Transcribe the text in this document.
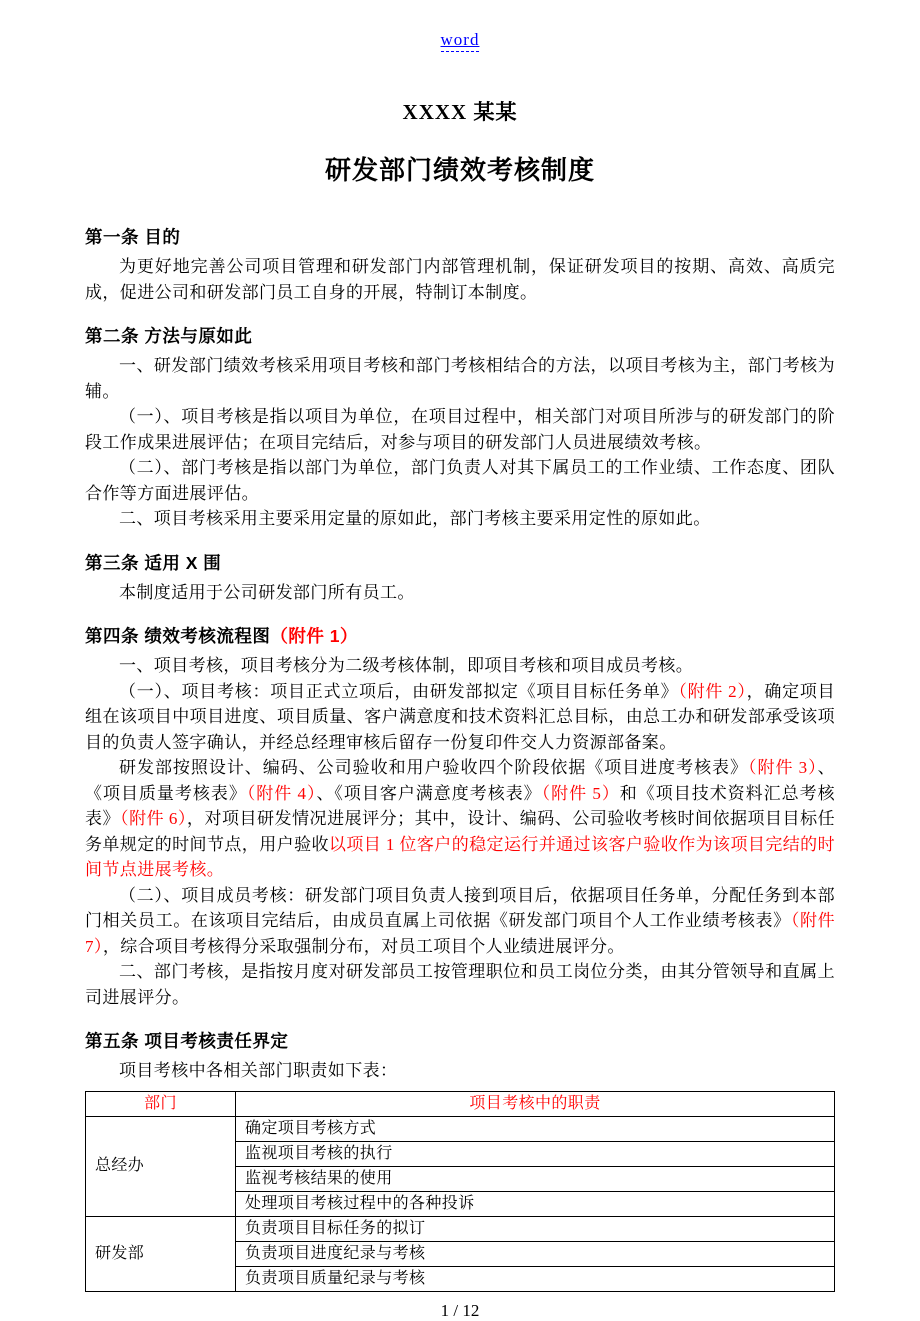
word
XXXX 某某
研发部门绩效考核制度
第一条 目的

为更好地完善公司项目管理和研发部门内部管理机制，保证研发项目的按期、高效、高质完成，促进公司和研发部门员工自身的开展，特制订本制度。

第二条 方法与原如此

一、研发部门绩效考核采用项目考核和部门考核相结合的方法，以项目考核为主，部门考核为辅。

（一）、项目考核是指以项目为单位，在项目过程中，相关部门对项目所涉与的研发部门的阶段工作成果进展评估；在项目完结后，对参与项目的研发部门人员进展绩效考核。

（二）、部门考核是指以部门为单位，部门负责人对其下属员工的工作业绩、工作态度、团队合作等方面进展评估。

二、项目考核采用主要采用定量的原如此，部门考核主要采用定性的原如此。

第三条 适用 X 围

本制度适用于公司研发部门所有员工。

第四条 绩效考核流程图（附件 1）

一、项目考核，项目考核分为二级考核体制，即项目考核和项目成员考核。

（一）、项目考核：项目正式立项后，由研发部拟定《项目目标任务单》（附件 2），确定项目组在该项目中项目进度、项目质量、客户满意度和技术资料汇总目标，由总工办和研发部承受该项目的负责人签字确认，并经总经理审核后留存一份复印件交人力资源部备案。

研发部按照设计、编码、公司验收和用户验收四个阶段依据《项目进度考核表》（附件 3）、《项目质量考核表》（附件 4）、《项目客户满意度考核表》（附件 5）和《项目技术资料汇总考核表》（附件 6），对项目研发情况进展评分；其中，设计、编码、公司验收考核时间依据项目目标任务单规定的时间节点，用户验收以项目 1 位客户的稳定运行并通过该客户验收作为该项目完结的时间节点进展考核。

（二）、项目成员考核：研发部门项目负责人接到项目后，依据项目任务单，分配任务到本部门相关员工。在该项目完结后，由成员直属上司依据《研发部门项目个人工作业绩考核表》（附件 7），综合项目考核得分采取强制分布，对员工项目个人业绩进展评分。

二、部门考核，是指按月度对研发部员工按管理职位和员工岗位分类，由其分管领导和直属上司进展评分。

第五条 项目考核责任界定

项目考核中各相关部门职责如下表：

部门	项目考核中的职责
总经办	确定项目考核方式
	监视项目考核的执行
	监视考核结果的使用
	处理项目考核过程中的各种投诉
研发部	负责项目目标任务的拟订
	负责项目进度纪录与考核
	负责项目质量纪录与考核
1 / 12
